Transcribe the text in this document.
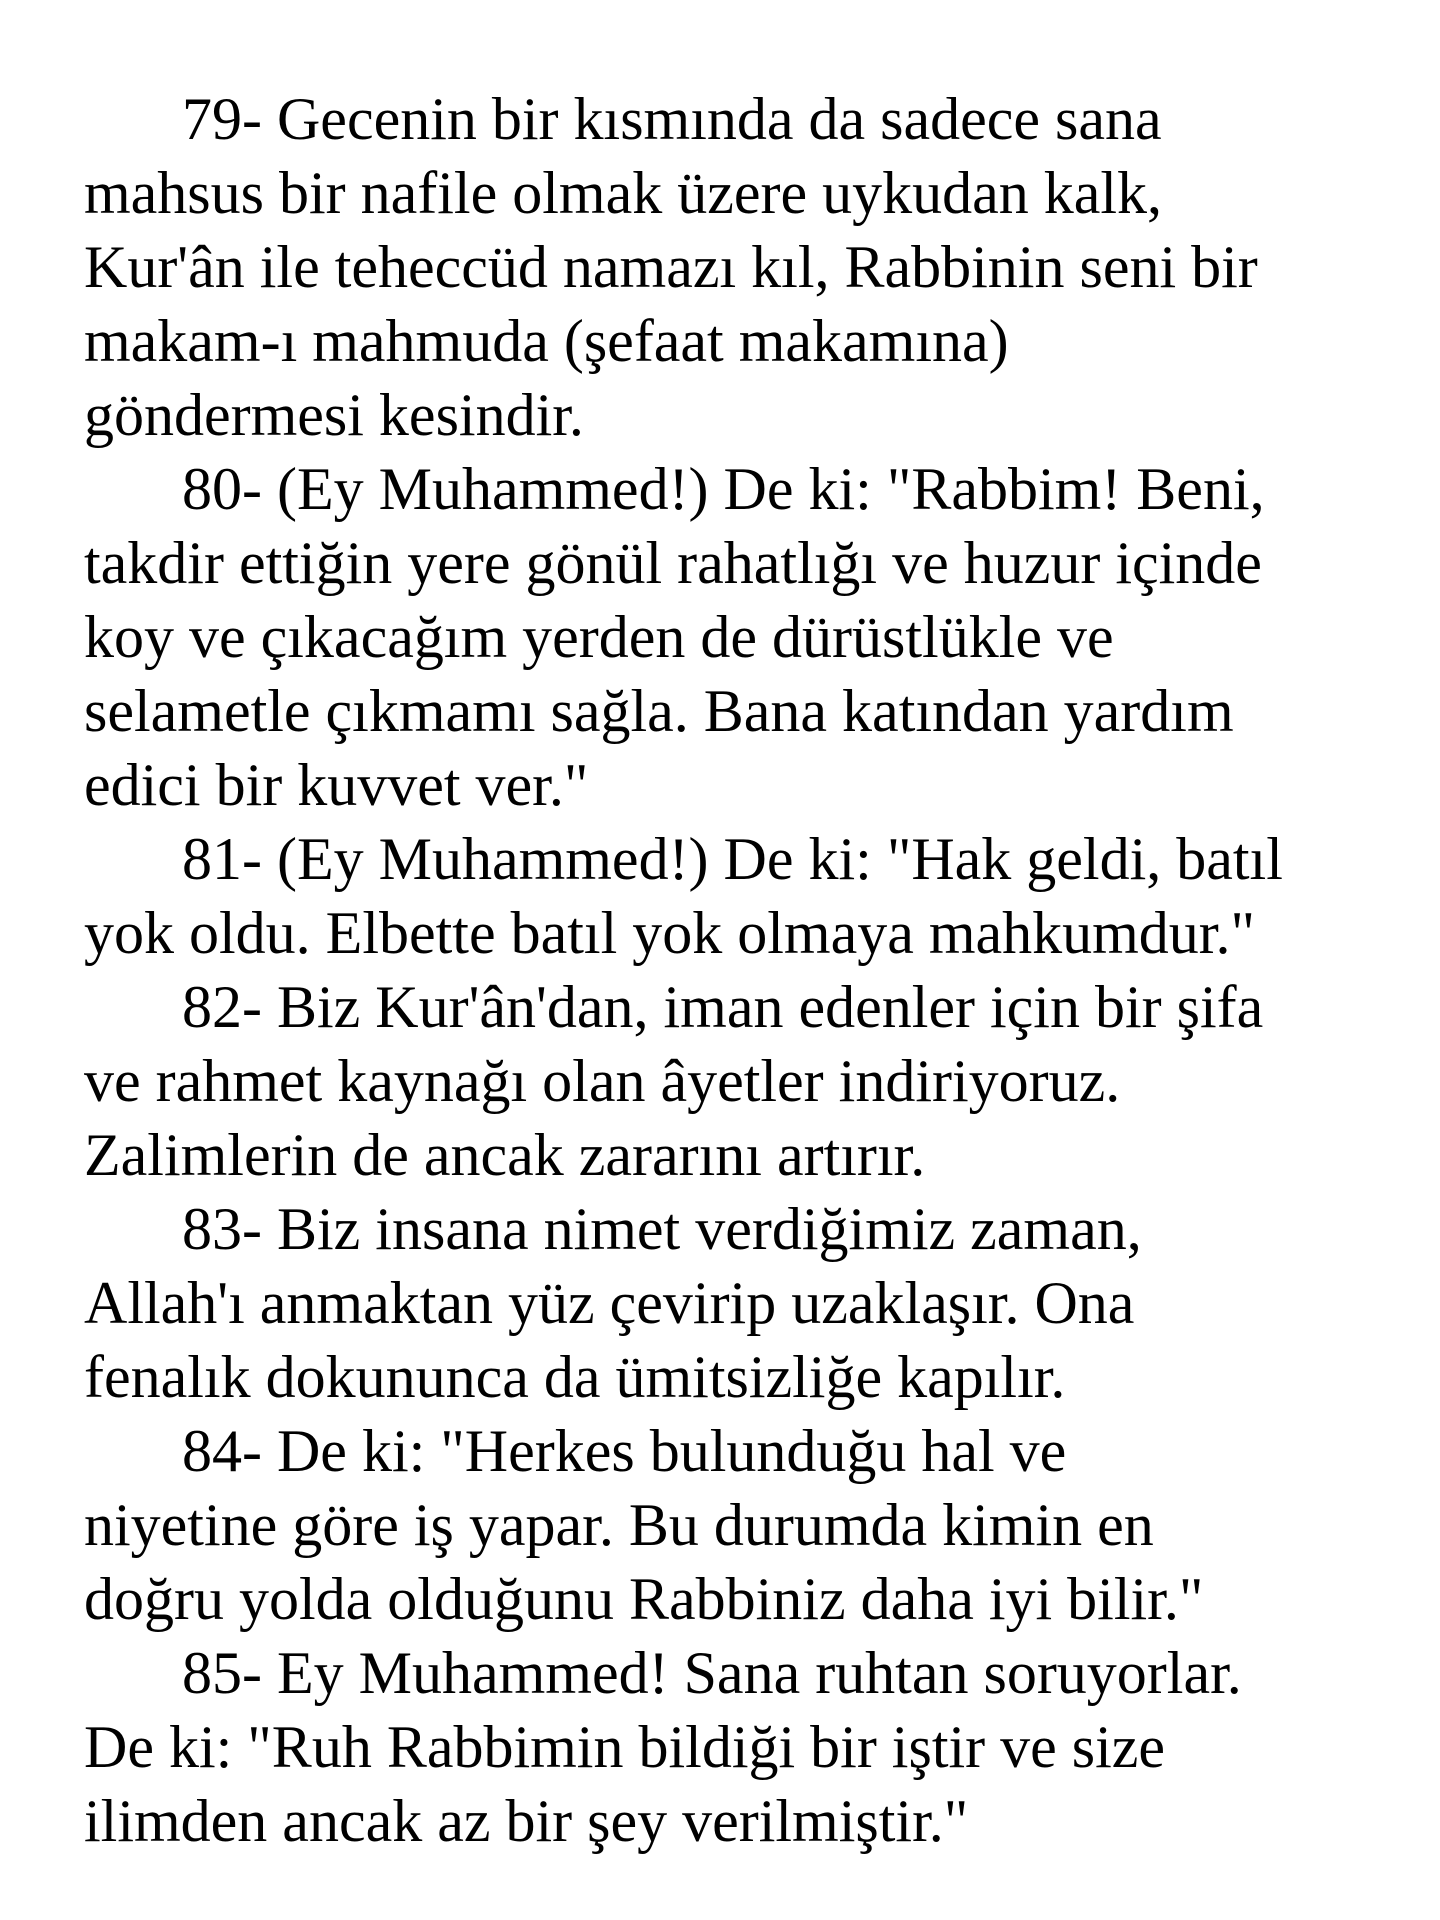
79- Gecenin bir kısmında da sadece sana
mahsus bir nafile olmak üzere uykudan kalk,
Kur'ân ile teheccüd namazı kıl, Rabbinin seni bir
makam-ı mahmuda (şefaat makamına)
göndermesi kesindir.

80- (Ey Muhammed!) De ki: "Rabbim! Beni,
takdir ettiğin yere gönül rahatlığı ve huzur içinde
koy ve çıkacağım yerden de dürüstlükle ve
selametle çıkmamı sağla. Bana katından yardım
edici bir kuvvet ver."

81- (Ey Muhammed!) De ki: "Hak geldi, batıl
yok oldu. Elbette batıl yok olmaya mahkumdur."

82- Biz Kur'ân'dan, iman edenler için bir şifa
ve rahmet kaynağı olan âyetler indiriyoruz.
Zalimlerin de ancak zararını artırır.

83- Biz insana nimet verdiğimiz zaman,
Allah'ı anmaktan yüz çevirip uzaklaşır. Ona
fenalık dokununca da ümitsizliğe kapılır.

84- De ki: "Herkes bulunduğu hal ve
niyetine göre iş yapar. Bu durumda kimin en
doğru yolda olduğunu Rabbiniz daha iyi bilir."

85- Ey Muhammed! Sana ruhtan soruyorlar.
De ki: "Ruh Rabbimin bildiği bir iştir ve size
ilimden ancak az bir şey verilmiştir."
